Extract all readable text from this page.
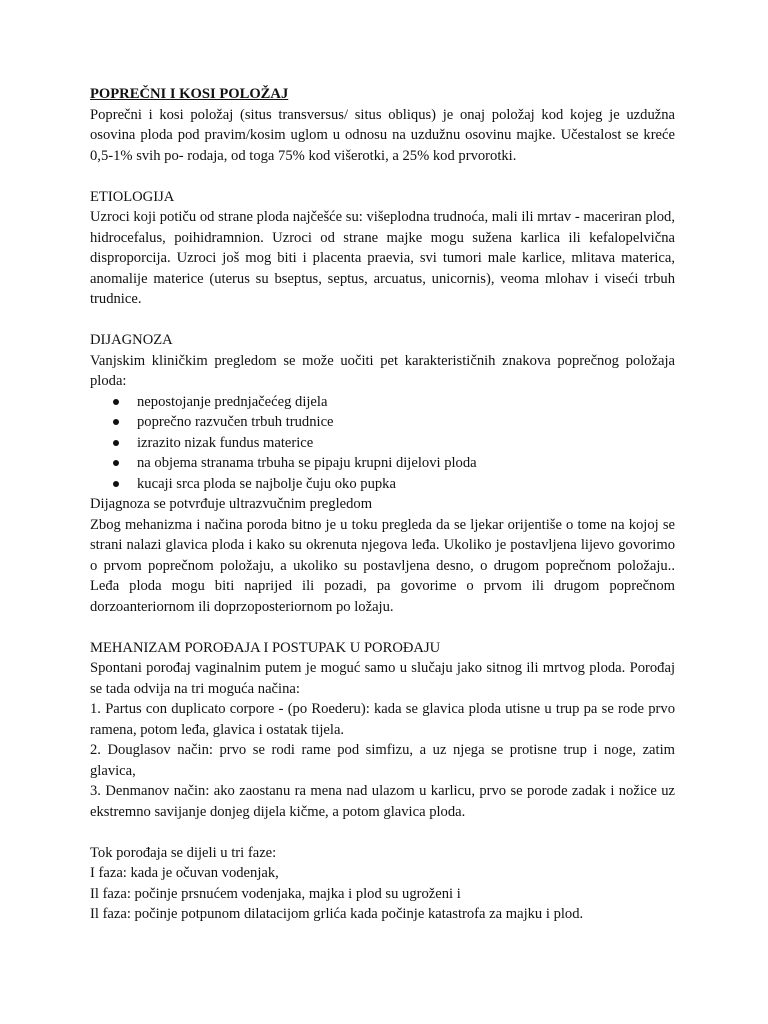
POPREČNI I KOSI POLOŽAJ

Poprečni i kosi položaj (situs transversus/ situs obliqus) je onaj položaj kod kojeg je uzdužna osovina ploda pod pravim/kosim uglom u odnosu na uzdužnu osovinu majke. Učestalost se kreće 0,5-1% svih po- rodaja, od toga 75% kod višerotki, a 25% kod prvorotki.

ETIOLOGIJA

Uzroci koji potiču od strane ploda najčešće su: višeplodna trudnoća, mali ili mrtav - maceriran plod, hidrocefalus, poihidramnion. Uzroci od strane majke mogu sužena karlica ili kefalopelvična disproporcija. Uzroci još mog biti i placenta praevia, svi tumori male karlice, mlitava materica, anomalije materice (uterus su bseptus, septus, arcuatus, unicornis), veoma mlohav i viseći trbuh trudnice.

DIJAGNOZA

Vanjskim kliničkim pregledom se može uočiti pet karakterističnih znakova poprečnog položaja ploda:

nepostojanje prednjačećeg dijela
poprečno razvučen trbuh trudnice
izrazito nizak fundus materice
na objema stranama trbuha se pipaju krupni dijelovi ploda
kucaji srca ploda se najbolje čuju oko pupka
Dijagnoza se potvrđuje ultrazvučnim pregledom

Zbog mehanizma i načina poroda bitno je u toku pregleda da se ljekar orijentiše o tome na kojoj se strani nalazi glavica ploda i kako su okrenuta njegova leđa. Ukoliko je postavljena lijevo govorimo o prvom poprečnom položaju, a ukoliko su postavljena desno, o drugom poprečnom položaju.. Leđa ploda mogu biti naprijed ili pozadi, pa govorime o prvom ili drugom poprečnom dorzoanteriornom ili doprzoposteriornom po ložaju.

MEHANIZAM POROĐAJA I POSTUPAK U POROĐAJU

Spontani porođaj vaginalnim putem je moguć samo u slučaju jako sitnog ili mrtvog ploda. Porođaj se tada odvija na tri moguća načina:

1. Partus con duplicato corpore - (po Roederu): kada se glavica ploda utisne u trup pa se rode prvo ramena, potom leđa, glavica i ostatak tijela.

2. Douglasov način: prvo se rodi rame pod simfizu, a uz njega se protisne trup i noge, zatim glavica,

3. Denmanov način: ako zaostanu ra mena nad ulazom u karlicu, prvo se porode zadak i nožice uz ekstremno savijanje donjeg dijela kičme, a potom glavica ploda.

Tok porođaja se dijeli u tri faze:
I faza: kada je očuvan vodenjak,
Il faza: počinje prsnućem vodenjaka, majka i plod su ugroženi i
Il faza: počinje potpunom dilatacijom grlića kada počinje katastrofa za majku i plod.
